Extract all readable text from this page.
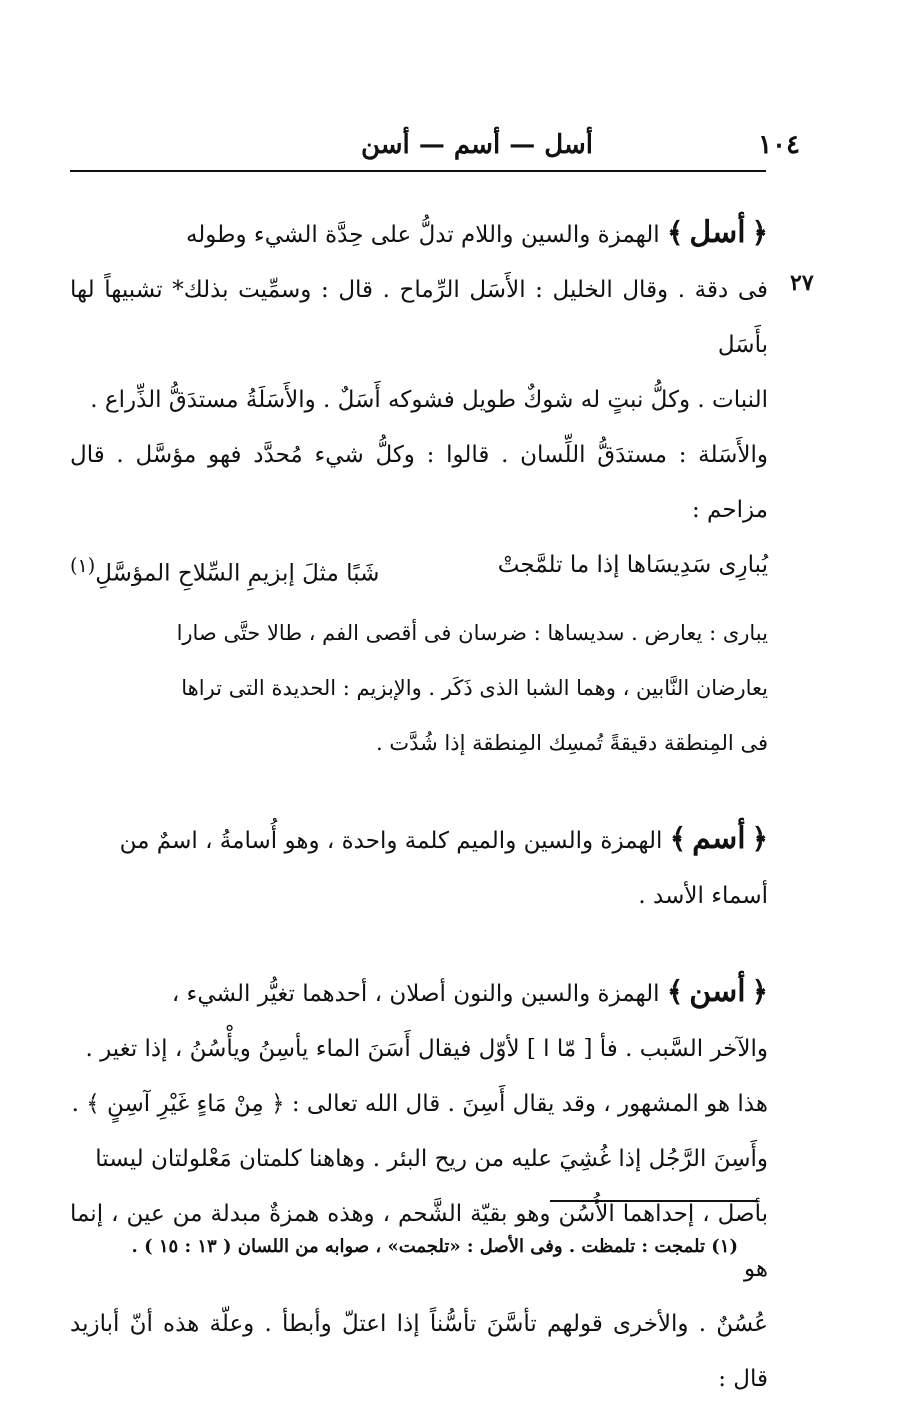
١٠٤
أسل — أسم — أسن
٢٧

﴿أسل﴾ الهمزة والسين واللام تدلُّ على حِدَّة الشيء وطوله

فى دقة . وقال الخليل : الأَسَل الرِّماح . قال : وسمِّيت بذلك* تشبيهاً لها بأَسَل

النبات . وكلُّ نبتٍ له شوكٌ طويل فشوكه أَسَلٌ . والأَسَلَةُ مستدَقُّ الذِّراع .

والأَسَلة : مستدَقُّ اللِّسان . قالوا : وكلُّ شيء مُحدَّد فهو مؤسَّل . قال مزاحم :

يُبارِى سَدِيسَاها إذا ما تلمَّجتْ
شَبًا مثلَ إبزيمِ السِّلاحِ المؤسَّلِ$^{(١)}$

يبارى : يعارض . سديساها : ضرسان فى أقصى الفم ، طالا حتَّى صارا

يعارضان النَّابين ، وهما الشبا الذى ذَكَر . والإبزيم : الحديدة التى تراها

فى المِنطقة دقيقةً تُمسِك المِنطقة إذا شُدَّت .

﴿أسم﴾ الهمزة والسين والميم كلمة واحدة ، وهو أُسامةُ ، اسمٌ من

أسماء الأسد .

﴿أسن﴾ الهمزة والسين والنون أصلان ، أحدهما تغيُّر الشيء ،

والآخر السَّبب . فأ [ مّا ا ] لأوّل فيقال أَسَنَ الماء يأسِنُ ويأْسُنُ ، إذا تغير .

هذا هو المشهور ، وقد يقال أَسِنَ . قال الله تعالى : ﴿ مِنْ مَاءٍ غَيْرِ آسِنٍ ﴾ .

وأَسِنَ الرَّجُل إذا غُشِيَ عليه من ريح البئر . وهاهنا كلمتان مَعْلولتان ليستا

بأصل ، إحداهما الأُسُن وهو بقيّة الشَّحم ، وهذه همزةٌ مبدلة من عين ، إنما هو

عُسُنٌ . والأخرى قولهم تأسَّنَ تأسُّناً إذا اعتلّ وأبطأ . وعلّة هذه أنّ أبازيد قال :

(١) تلمجت : تلمظت . وفى الأصل : «تلجمت» ، صوابه من اللسان ( ١٣ : ١٥ ) .
